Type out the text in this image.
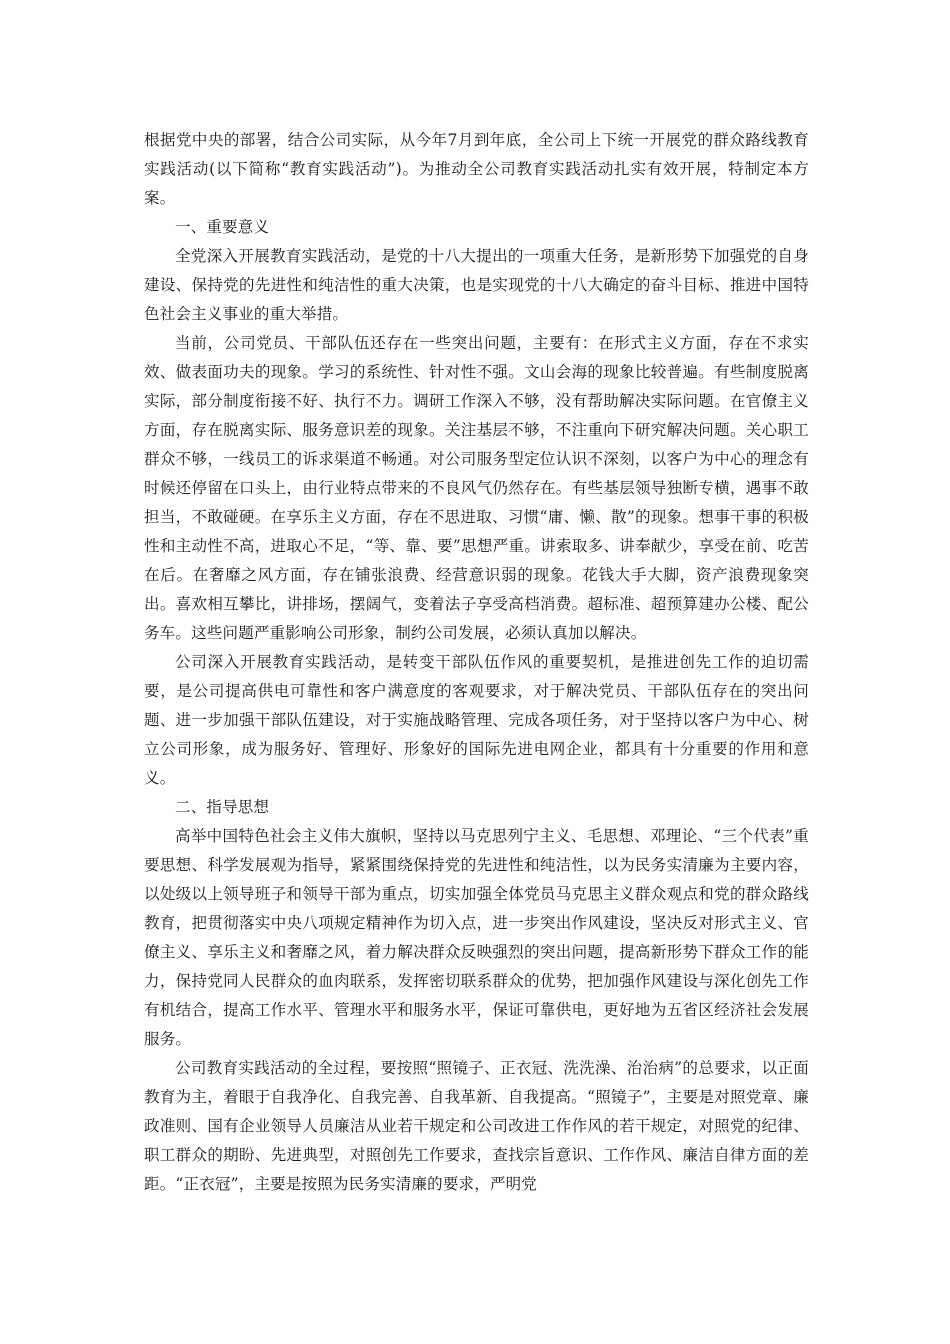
根据党中央的部署，结合公司实际，从今年7月到年底，全公司上下统一开展党的群众路线教育实践活动(以下简称“教育实践活动”)。为推动全公司教育实践活动扎实有效开展，特制定本方案。

一、重要意义

全党深入开展教育实践活动，是党的十八大提出的一项重大任务，是新形势下加强党的自身建设、保持党的先进性和纯洁性的重大决策，也是实现党的十八大确定的奋斗目标、推进中国特色社会主义事业的重大举措。

当前，公司党员、干部队伍还存在一些突出问题，主要有：在形式主义方面，存在不求实效、做表面功夫的现象。学习的系统性、针对性不强。文山会海的现象比较普遍。有些制度脱离实际，部分制度衔接不好、执行不力。调研工作深入不够，没有帮助解决实际问题。在官僚主义方面，存在脱离实际、服务意识差的现象。关注基层不够，不注重向下研究解决问题。关心职工群众不够，一线员工的诉求渠道不畅通。对公司服务型定位认识不深刻，以客户为中心的理念有时候还停留在口头上，由行业特点带来的不良风气仍然存在。有些基层领导独断专横，遇事不敢担当，不敢碰硬。在享乐主义方面，存在不思进取、习惯“庸、懒、散”的现象。想事干事的积极性和主动性不高，进取心不足，“等、靠、要”思想严重。讲索取多、讲奉献少，享受在前、吃苦在后。在奢靡之风方面，存在铺张浪费、经营意识弱的现象。花钱大手大脚，资产浪费现象突出。喜欢相互攀比，讲排场，摆阔气，变着法子享受高档消费。超标准、超预算建办公楼、配公务车。这些问题严重影响公司形象，制约公司发展，必须认真加以解决。

公司深入开展教育实践活动，是转变干部队伍作风的重要契机，是推进创先工作的迫切需要，是公司提高供电可靠性和客户满意度的客观要求，对于解决党员、干部队伍存在的突出问题、进一步加强干部队伍建设，对于实施战略管理、完成各项任务，对于坚持以客户为中心、树立公司形象，成为服务好、管理好、形象好的国际先进电网企业，都具有十分重要的作用和意义。

二、指导思想

高举中国特色社会主义伟大旗帜，坚持以马克思列宁主义、毛思想、邓理论、“三个代表”重要思想、科学发展观为指导，紧紧围绕保持党的先进性和纯洁性，以为民务实清廉为主要内容，以处级以上领导班子和领导干部为重点，切实加强全体党员马克思主义群众观点和党的群众路线教育，把贯彻落实中央八项规定精神作为切入点，进一步突出作风建设，坚决反对形式主义、官僚主义、享乐主义和奢靡之风，着力解决群众反映强烈的突出问题，提高新形势下群众工作的能力，保持党同人民群众的血肉联系，发挥密切联系群众的优势，把加强作风建设与深化创先工作有机结合，提高工作水平、管理水平和服务水平，保证可靠供电，更好地为五省区经济社会发展服务。

公司教育实践活动的全过程，要按照“照镜子、正衣冠、洗洗澡、治治病”的总要求，以正面教育为主，着眼于自我净化、自我完善、自我革新、自我提高。“照镜子”，主要是对照党章、廉政准则、国有企业领导人员廉洁从业若干规定和公司改进工作作风的若干规定，对照党的纪律、职工群众的期盼、先进典型，对照创先工作要求，查找宗旨意识、工作作风、廉洁自律方面的差距。“正衣冠”，主要是按照为民务实清廉的要求，严明党
